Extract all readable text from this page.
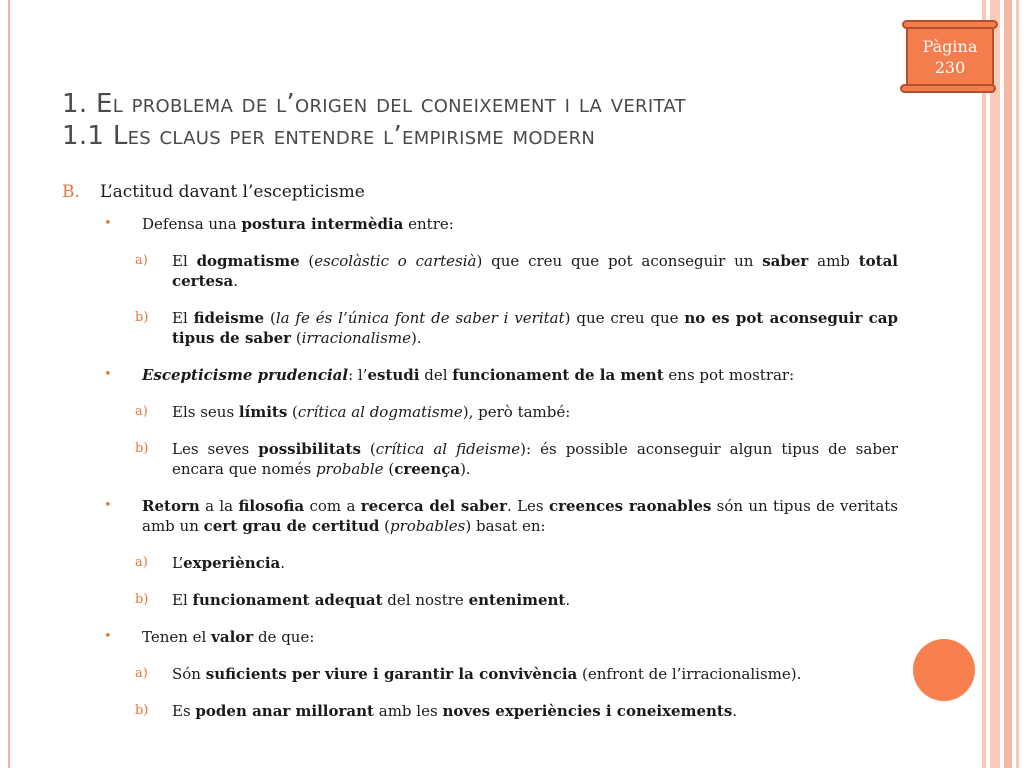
Pàgina
230
1. El problema de l’origen del coneixement i la veritat
1.1 Les claus per entendre l’empirisme modern
B. L’actitud davant l’escepticisme
• Defensa una postura intermèdia entre:
a) El dogmatisme (escolàstic o cartesià) que creu que pot aconseguir un saber amb total certesa.
b) El fideisme (la fe és l’única font de saber i veritat) que creu que no es pot aconseguir cap tipus de saber (irracionalisme).
• Escepticisme prudencial: l’estudi del funcionament de la ment ens pot mostrar:
a) Els seus límits (crítica al dogmatisme), però també:
b) Les seves possibilitats (crítica al fideisme): és possible aconseguir algun tipus de saber encara que només probable (creença).
• Retorn a la filosofia com a recerca del saber. Les creences raonables són un tipus de veritats amb un cert grau de certitud (probables) basat en:
a) L’experiència.
b) El funcionament adequat del nostre enteniment.
• Tenen el valor de que:
a) Són suficients per viure i garantir la convivència (enfront de l’irracionalisme).
b) Es poden anar millorant amb les noves experiències i coneixements.
